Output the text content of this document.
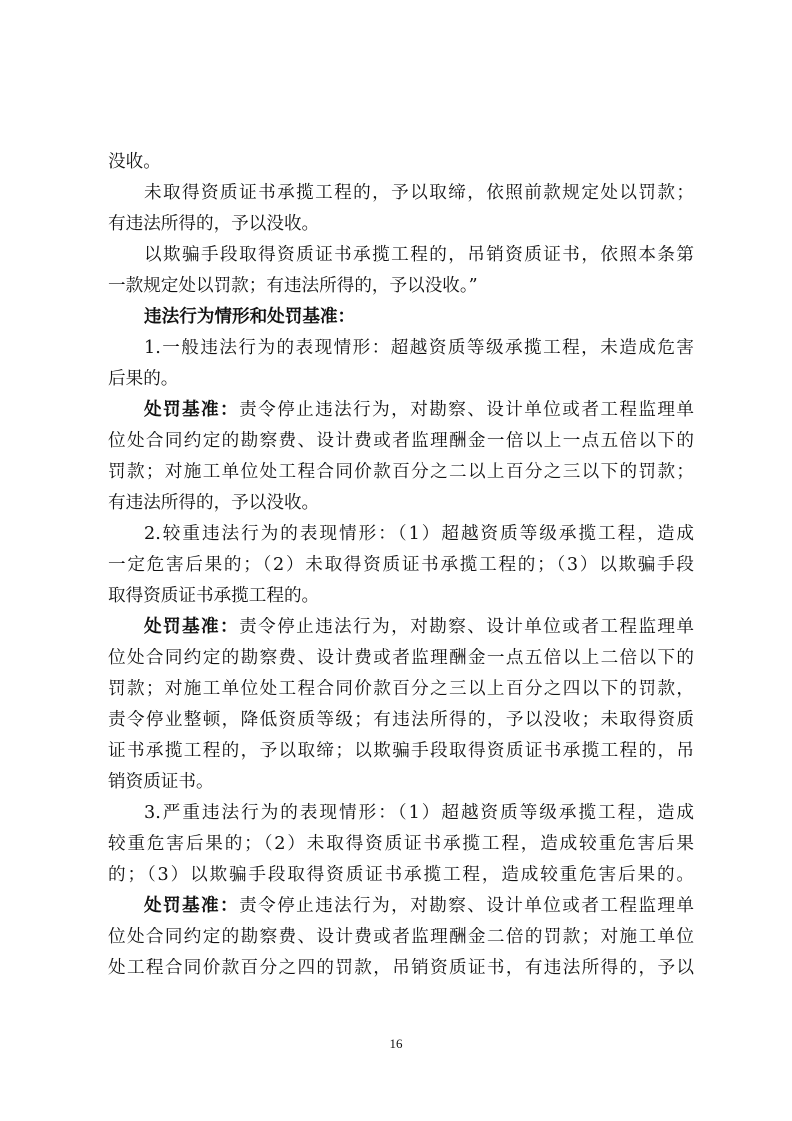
没收。
未取得资质证书承揽工程的，予以取缔，依照前款规定处以罚款；
有违法所得的，予以没收。
以欺骗手段取得资质证书承揽工程的，吊销资质证书，依照本条第
一款规定处以罚款；有违法所得的，予以没收。”
违法行为情形和处罚基准：
1.一般违法行为的表现情形：超越资质等级承揽工程，未造成危害
后果的。
处罚基准：责令停止违法行为，对勘察、设计单位或者工程监理单
位处合同约定的勘察费、设计费或者监理酬金一倍以上一点五倍以下的
罚款；对施工单位处工程合同价款百分之二以上百分之三以下的罚款；
有违法所得的，予以没收。
2.较重违法行为的表现情形：（1）超越资质等级承揽工程，造成
一定危害后果的；（2）未取得资质证书承揽工程的；（3）以欺骗手段
取得资质证书承揽工程的。
处罚基准：责令停止违法行为，对勘察、设计单位或者工程监理单
位处合同约定的勘察费、设计费或者监理酬金一点五倍以上二倍以下的
罚款；对施工单位处工程合同价款百分之三以上百分之四以下的罚款，
责令停业整顿，降低资质等级；有违法所得的，予以没收；未取得资质
证书承揽工程的，予以取缔；以欺骗手段取得资质证书承揽工程的，吊
销资质证书。
3.严重违法行为的表现情形：（1）超越资质等级承揽工程，造成
较重危害后果的；（2）未取得资质证书承揽工程，造成较重危害后果
的；（3）以欺骗手段取得资质证书承揽工程，造成较重危害后果的。
处罚基准：责令停止违法行为，对勘察、设计单位或者工程监理单
位处合同约定的勘察费、设计费或者监理酬金二倍的罚款；对施工单位
处工程合同价款百分之四的罚款，吊销资质证书，有违法所得的，予以
16
